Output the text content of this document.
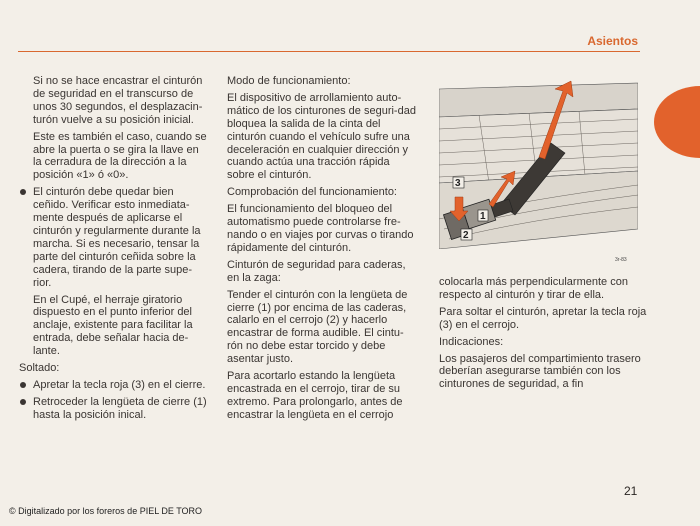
Asientos

Si no se hace encastrar el cinturón de seguridad en el transcurso de unos 30 segundos, el desplazacin-turón vuelve a su posición inicial.

Este es también el caso, cuando se abre la puerta o se gira la llave en la cerradura de la dirección a la posición «1» ó «0».

El cinturón debe quedar bien ceñido. Verificar esto inmediata-mente después de aplicarse el cinturón y regularmente durante la marcha. Si es necesario, tensar la parte del cinturón ceñida sobre la cadera, tirando de la parte supe-rior.

En el Cupé, el herraje giratorio dispuesto en el punto inferior del anclaje, existente para facilitar la entrada, debe señalar hacia de-lante.

Soltado:

Apretar la tecla roja (3) en el cierre.

Retroceder la lengüeta de cierre (1) hasta la posición inical.

Modo de funcionamiento:

El dispositivo de arrollamiento auto-mático de los cinturones de seguri-dad bloquea la salida de la cinta del cinturón cuando el vehículo sufre una deceleración en cualquier dirección y cuando actúa una tracción rápida sobre el cinturón.

Comprobación del funcionamiento:

El funcionamiento del bloqueo del automatismo puede controlarse fre-nando o en viajes por curvas o tirando rápidamente del cinturón.

Cinturón de seguridad para caderas, en la zaga:

Tender el cinturón con la lengüeta de cierre (1) por encima de las caderas, calarlo en el cerrojo (2) y hacerlo encastrar de forma audible. El cintu-rón no debe estar torcido y debe asentar justo.

Para acortarlo estando la lengüeta encastrada en el cerrojo, tirar de su extremo. Para prolongarlo, antes de encastrar la lengüeta en el cerrojo

3
1
2
3r-83

colocarla más perpendicularmente con respecto al cinturón y tirar de ella.

Para soltar el cinturón, apretar la tecla roja (3) en el cerrojo.

Indicaciones:

Los pasajeros del compartimiento trasero deberían asegurarse también con los cinturones de seguridad, a fin

21
© Digitalizado por los foreros de PIEL DE TORO
